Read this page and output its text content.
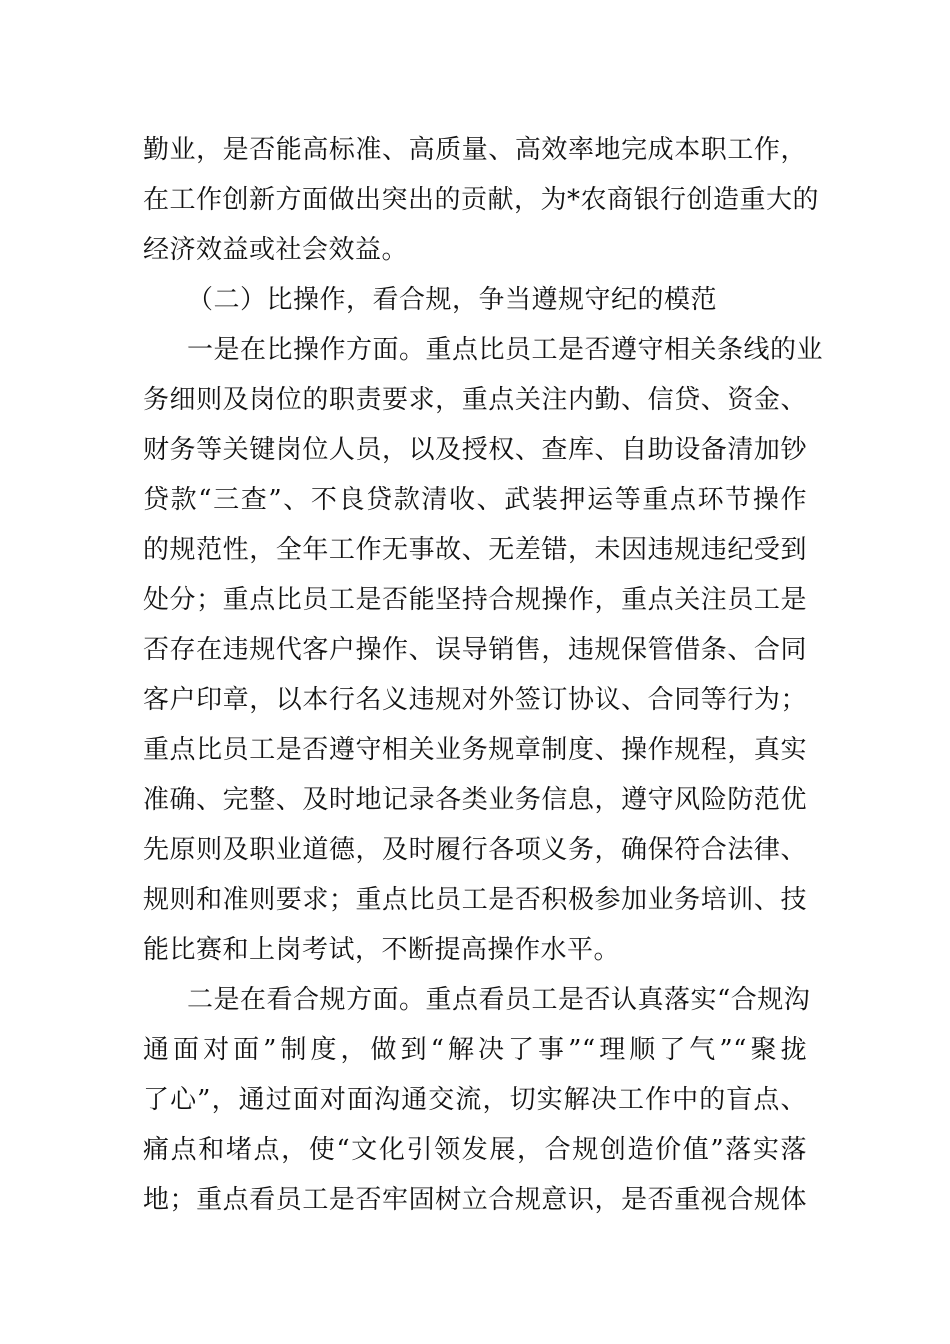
勤业，是否能高标准、高质量、高效率地完成本职工作，
在工作创新方面做出突出的贡献，为*农商银行创造重大的
经济效益或社会效益。
（二）比操作，看合规，争当遵规守纪的模范
一是在比操作方面。重点比员工是否遵守相关条线的业
务细则及岗位的职责要求，重点关注内勤、信贷、资金、
财务等关键岗位人员，以及授权、查库、自助设备清加钞
贷款“三查”、不良贷款清收、武装押运等重点环节操作
的规范性，全年工作无事故、无差错，未因违规违纪受到
处分；重点比员工是否能坚持合规操作，重点关注员工是
否存在违规代客户操作、误导销售，违规保管借条、合同
客户印章，以本行名义违规对外签订协议、合同等行为；
重点比员工是否遵守相关业务规章制度、操作规程，真实
准确、完整、及时地记录各类业务信息，遵守风险防范优
先原则及职业道德，及时履行各项义务，确保符合法律、
规则和准则要求；重点比员工是否积极参加业务培训、技
能比赛和上岗考试，不断提高操作水平。
二是在看合规方面。重点看员工是否认真落实“合规沟
通面对面”制度，做到“解决了事”“理顺了气”“聚拢
了心”，通过面对面沟通交流，切实解决工作中的盲点、
痛点和堵点，使“文化引领发展，合规创造价值”落实落
地；重点看员工是否牢固树立合规意识，是否重视合规体
